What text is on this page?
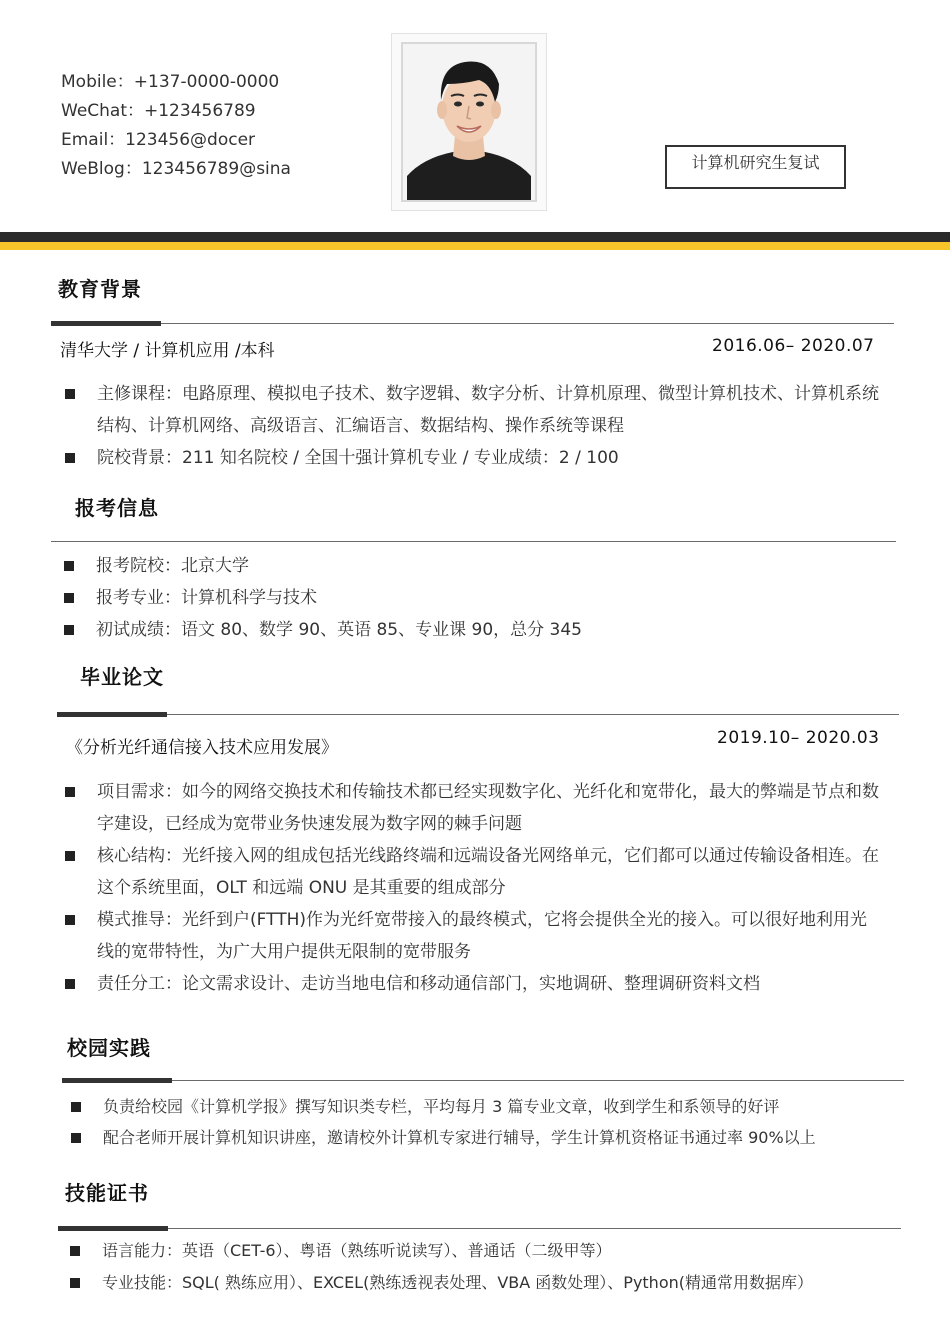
Mobile：+137-0000-0000
WeChat：+123456789
Email：123456@docer
WeBlog：123456789@sina	计算机研究生复试
教育背景
清华大学 / 计算机应用 /本科	2016.06– 2020.07
主修课程：电路原理、模拟电子技术、数字逻辑、数字分析、计算机原理、微型计算机技术、计算机系统结构、计算机网络、高级语言、汇编语言、数据结构、操作系统等课程
院校背景：211 知名院校 / 全国十强计算机专业 / 专业成绩：2 / 100
报考信息
报考院校：北京大学
报考专业：计算机科学与技术
初试成绩：语文 80、数学 90、英语 85、专业课 90，总分 345
毕业论文
《分析光纤通信接入技术应用发展》	2019.10– 2020.03
项目需求：如今的网络交换技术和传输技术都已经实现数字化、光纤化和宽带化，最大的弊端是节点和数字建设，已经成为宽带业务快速发展为数字网的棘手问题
核心结构：光纤接入网的组成包括光线路终端和远端设备光网络单元，它们都可以通过传输设备相连。在这个系统里面，OLT 和远端 ONU 是其重要的组成部分
模式推导：光纤到户(FTTH)作为光纤宽带接入的最终模式，它将会提供全光的接入。可以很好地利用光线的宽带特性，为广大用户提供无限制的宽带服务
责任分工：论文需求设计、走访当地电信和移动通信部门，实地调研、整理调研资料文档
校园实践
负责给校园《计算机学报》撰写知识类专栏，平均每月 3 篇专业文章，收到学生和系领导的好评
配合老师开展计算机知识讲座，邀请校外计算机专家进行辅导，学生计算机资格证书通过率 90%以上
技能证书
语言能力：英语（CET-6）、粤语（熟练听说读写）、普通话（二级甲等）
专业技能：SQL( 熟练应用）、EXCEL(熟练透视表处理、VBA 函数处理）、Python(精通常用数据库）
